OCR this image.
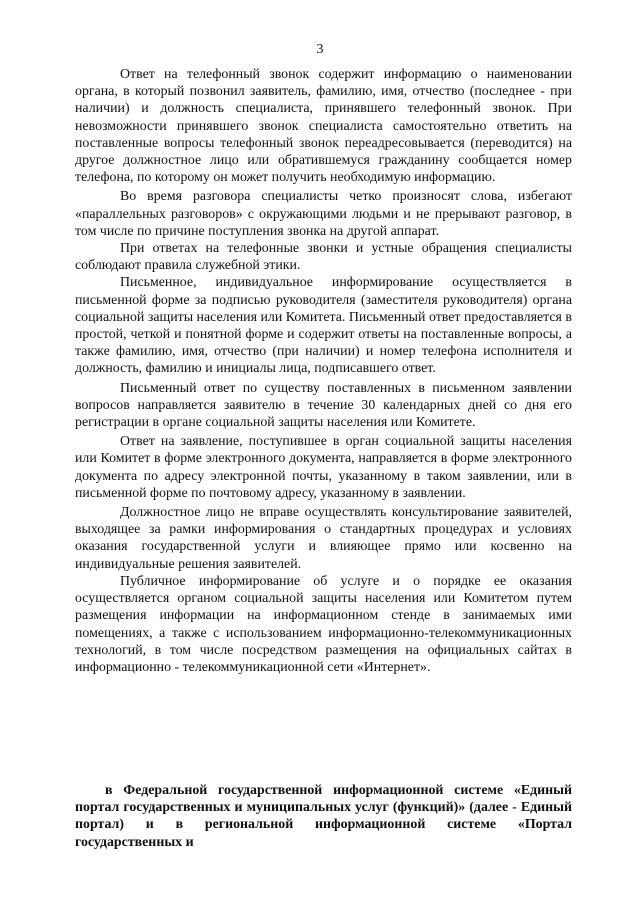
3

Ответ на телефонный звонок содержит информацию о наименовании органа, в который позвонил заявитель, фамилию, имя, отчество (последнее - при наличии) и должность специалиста, принявшего телефонный звонок. При невозможности принявшего звонок специалиста самостоятельно ответить на поставленные вопросы телефонный звонок переадресовывается (переводится) на другое должностное лицо или обратившемуся гражданину сообщается номер телефона, по которому он может получить необходимую информацию.

Во время разговора специалисты четко произносят слова, избегают «параллельных разговоров» с окружающими людьми и не прерывают разговор, в том числе по причине поступления звонка на другой аппарат.

При ответах на телефонные звонки и устные обращения специалисты соблюдают правила служебной этики.

Письменное, индивидуальное информирование осуществляется в письменной форме за подписью руководителя (заместителя руководителя) органа социальной защиты населения или Комитета. Письменный ответ предоставляется в простой, четкой и понятной форме и содержит ответы на поставленные вопросы, а также фамилию, имя, отчество (при наличии) и номер телефона исполнителя и должность, фамилию и инициалы лица, подписавшего ответ.

Письменный ответ по существу поставленных в письменном заявлении вопросов направляется заявителю в течение 30 календарных дней со дня его регистрации в органе социальной защиты населения или Комитете.

Ответ на заявление, поступившее в орган социальной защиты населения или Комитет в форме электронного документа, направляется в форме электронного документа по адресу электронной почты, указанному в таком заявлении, или в письменной форме по почтовому адресу, указанному в заявлении.

Должностное лицо не вправе осуществлять консультирование заявителей, выходящее за рамки информирования о стандартных процедурах и условиях оказания государственной услуги и влияющее прямо или косвенно на индивидуальные решения заявителей.

Публичное информирование об услуге и о порядке ее оказания осуществляется органом социальной защиты населения или Комитетом путем размещения информации на информационном стенде в занимаемых ими помещениях, а также с использованием информационно-телекоммуникационных технологий, в том числе посредством размещения на официальных сайтах в информационно - телекоммуникационной сети «Интернет».

в Федеральной государственной информационной системе «Единый портал государственных и муниципальных услуг (функций)» (далее - Единый портал) и в региональной информационной системе «Портал государственных и
